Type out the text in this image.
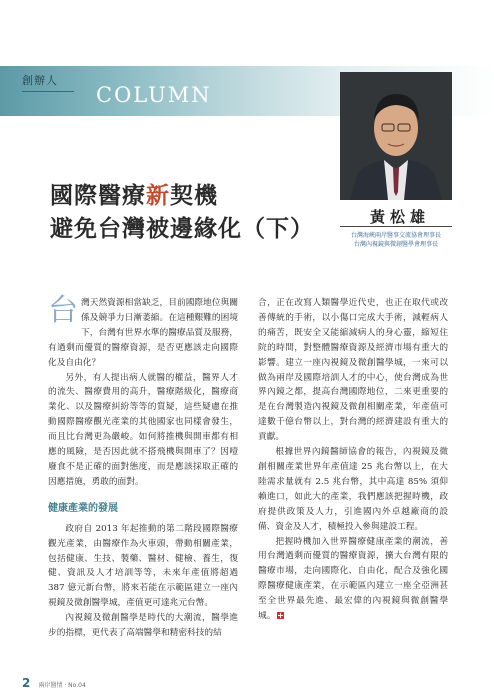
創辦人
COLUMN
國際醫療新契機
避免台灣被邊緣化（下）	黃松雄
台灣海峽兩岸醫事交流協會理事長
台灣內視鏡與微創醫學會理事長

台灣天然資源相當缺乏，目前國際地位與關係及競爭力日漸萎縮。在這種艱難的困境下，台灣有世界水準的醫療品質及服務，有過剩而優質的醫療資源，是否更應該走向國際化及自由化？

另外，有人提出病人就醫的權益，醫界人才的流失、醫療費用的高升，醫療階級化，醫療商業化、以及醫療糾紛等等的質疑，這些疑慮在推動國際醫療觀光產業的其他國家也同樣會發生，而且比台灣更為嚴峻。如何將推機與開車都有相應的風險，是否因此就不搭飛機與開車了？因噎廢食不是正確的面對態度，而是應該採取正確的因應措施，勇敢的面對。

健康產業的發展

政府自 2013 年起推動的第二階段國際醫療觀光產業，由醫療作為火車頭，帶動相關產業，包括健康、生技、製藥、醫材、健檢、養生，復健、資訊及人才培訓等等，未來年產值將超過 387 億元新台幣，將來若能在示範區建立一座內視鏡及微創醫學城，產值更可達兆元台幣。

內視鏡及微創醫學是時代的大潮流，醫學進步的指標，更代表了高端醫學和精密科技的結

合，正在改寫人類醫學近代史，也正在取代或改善傳統的手術，以小傷口完成大手術，減輕病人的痛苦，既安全又能縮減病人的身心靈，縮短住院的時間，對整體醫療資源及經濟市場有重大的影響。建立一座內視鏡及微創醫學城，一來可以做為兩岸及國際培訓人才的中心，使台灣成為世界內鏡之都，提高台灣國際地位，二來更重要的是在台灣製造內視鏡及微創相關產業，年產值可達數千億台幣以上，對台灣的經濟建設有重大的貢獻。

根據世界內鏡醫師協會的報告，內視鏡及微創相關產業世界年產值達 25 兆台幣以上，在大陸需求量就有 2.5 兆台幣，其中高達 85% 須仰賴進口，如此大的產業，我們應該把握時機，政府提供政策及人力，引進國內外卓越廠商的設備、資金及人才，積極投入參與建設工程。

把握時機加入世界醫療健康產業的潮流，善用台灣過剩而優質的醫療資源，擴大台灣有限的醫療市場，走向國際化、自由化，配合及強化國際醫療健康產業，在示範區內建立一座全亞洲甚至全世界最先進、最宏偉的內視鏡與微創醫學城。

2 兩岸醫情 · No.04
